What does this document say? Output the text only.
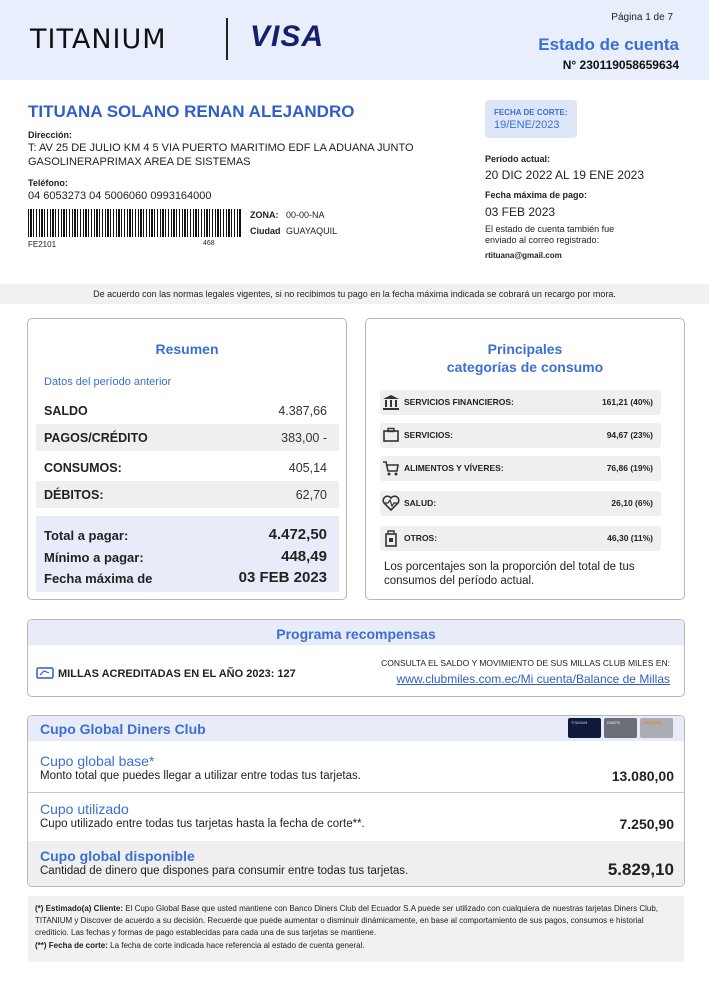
TITANIUM	VISA
Página 1 de 7
Estado de cuenta
N° 230119058659634
TITUANA SOLANO RENAN ALEJANDRO
Dirección:
T: AV 25 DE JULIO KM 4 5 VIA PUERTO MARITIMO EDF LA ADUANA JUNTO
GASOLINERAPRIMAX AREA DE SISTEMAS
Teléfono:
04 6053273 04 5006060 0993164000
FE2101	468
ZONA: 00-00-NA
Ciudad GUAYAQUIL
FECHA DE CORTE:
19/ENE/2023
Período actual:
20 DIC 2022 AL 19 ENE 2023
Fecha máxima de pago:
03 FEB 2023
El estado de cuenta también fue
enviado al correo registrado:
rtituana@gmail.com
De acuerdo con las normas legales vigentes, si no recibimos tu pago en la fecha máxima indicada se cobrará un recargo por mora.
Resumen
Datos del período anterior
SALDO	4.387,66
PAGOS/CRÉDITO	383,00 -
CONSUMOS:	405,14
DÉBITOS:	62,70
Total a pagar:	4.472,50
Mínimo a pagar:	448,49
Fecha máxima de	03 FEB 2023
Principales
categorías de consumo
SERVICIOS FINANCIEROS:	161,21 (40%)
SERVICIOS:	94,67 (23%)
ALIMENTOS Y VÍVERES:	76,86 (19%)
SALUD:	26,10 (6%)
OTROS:	46,30 (11%)
Los porcentajes son la proporción del total de tus
consumos del período actual.
Programa recompensas
MILLAS ACREDITADAS EN EL AÑO 2023: 127
CONSULTA EL SALDO Y MOVIMIENTO DE SUS MILLAS CLUB MILES EN:
www.clubmiles.com.ec/Mi cuenta/Balance de Millas
Cupo Global Diners Club	TITANIUM	DINERS	DISCOVER
Cupo global base*
Monto total que puedes llegar a utilizar entre todas tus tarjetas.	13.080,00
Cupo utilizado
Cupo utilizado entre todas tus tarjetas hasta la fecha de corte**.	7.250,90
Cupo global disponible
Cantidad de dinero que dispones para consumir entre todas tus tarjetas.	5.829,10
(*) Estimado(a) Cliente: El Cupo Global Base que usted mantiene con Banco Diners Club del Ecuador S.A puede ser utilizado con cualquiera de nuestras tarjetas Diners Club, TITANIUM y Discover de acuerdo a su decisión. Recuerde que puede aumentar o disminuir dinámicamente, en base al comportamiento de sus pagos, consumos e historial crediticio. Las fechas y formas de pago establecidas para cada una de sus tarjetas se mantiene.
(**) Fecha de corte: La fecha de corte indicada hace referencia al estado de cuenta general.
